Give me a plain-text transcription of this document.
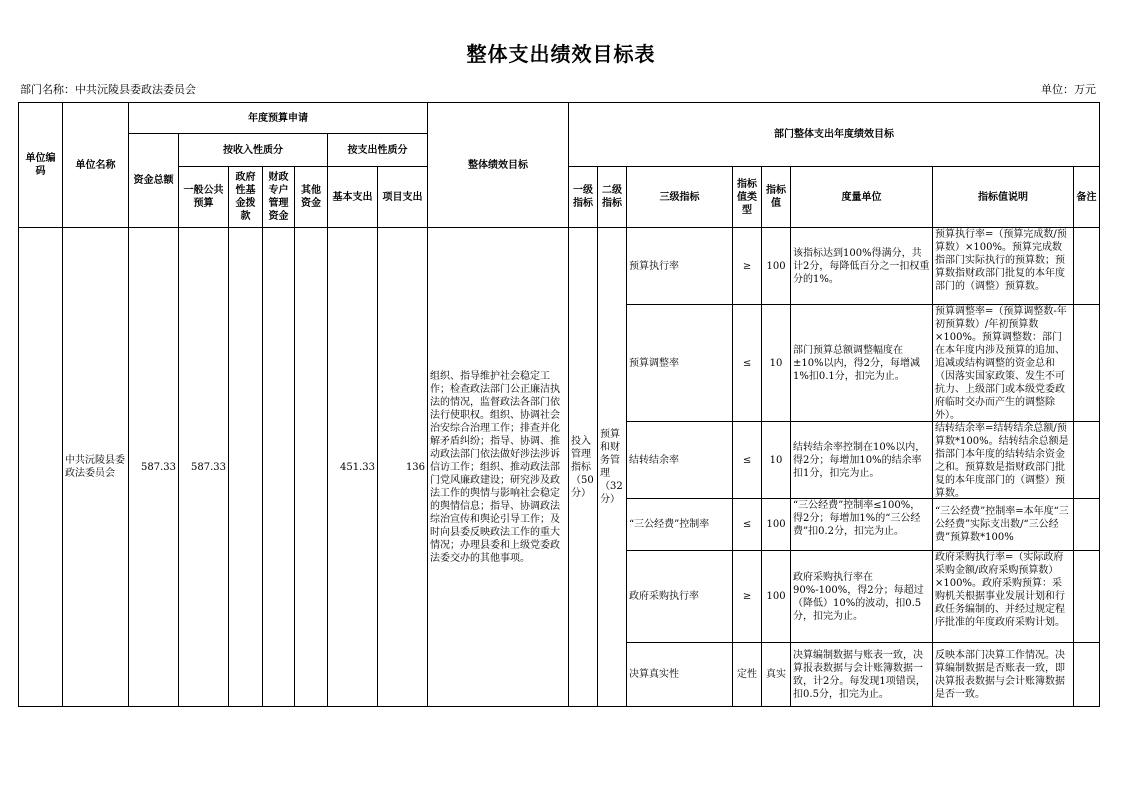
整体支出绩效目标表
部门名称：中共沅陵县委政法委员会	单位：万元
单位编码	单位名称	年度预算申请							整体绩效目标	部门整体支出年度绩效目标							
		资金总额	按收入性质分				按支出性质分										
			一般公共预算	政府性基金拨款	财政专户管理资金	其他资金	基本支出	项目支出		一级指标	二级指标	三级指标	指标值类型	指标值	度量单位	指标值说明	备注

	中共沅陵县委政法委员会	587.33	587.33				451.33	136	组织、指导维护社会稳定工作；检查政法部门公正廉洁执法的情况，监督政法各部门依法行使职权。组织、协调社会治安综合治理工作；排查并化解矛盾纠纷；指导、协调、推动政法部门依法做好涉法涉诉信访工作；组织、推动政法部门党风廉政建设；研究涉及政法工作的舆情与影响社会稳定的舆情信息；指导、协调政法综治宣传和舆论引导工作；及时向县委反映政法工作的重大情况；办理县委和上级党委政法委交办的其他事项。	投入管理指标（50分）	预算和财务管理（32分）	预算执行率	≥	100	该指标达到100%得满分，共计2分，每降低百分之一扣权重分的1%。	预算执行率=（预算完成数/预算数）×100%。预算完成数指部门实际执行的预算数；预算数指财政部门批复的本年度部门的（调整）预算数。	

												预算调整率	≤	10	部门预算总额调整幅度在±10%以内，得2分，每增减1%扣0.1分，扣完为止。	预算调整率=（预算调整数-年初预算数）/年初预算数×100%。预算调整数：部门在本年度内涉及预算的追加、追减或结构调整的资金总和（因落实国家政策、发生不可抗力、上级部门或本级党委政府临时交办而产生的调整除外）。	

												结转结余率	≤	10	结转结余率控制在10%以内，得2分；每增加10%的结余率扣1分，扣完为止。	结转结余率=结转结余总额/预算数*100%。结转结余总额是指部门本年度的结转结余资金之和。预算数是指财政部门批复的本年度部门的（调整）预算数。	

												“三公经费”控制率	≤	100	“三公经费”控制率≤100%，得2分；每增加1%的“三公经费”扣0.2分，扣完为止。	“三公经费”控制率=本年度“三公经费”实际支出数/“三公经费”预算数*100%	

												政府采购执行率	≥	100	政府采购执行率在90%-100%，得2分；每超过（降低）10%的波动，扣0.5分，扣完为止。	政府采购执行率=（实际政府采购金额/政府采购预算数）×100%。政府采购预算：采购机关根据事业发展计划和行政任务编制的、并经过规定程序批准的年度政府采购计划。	

												决算真实性	定性	真实	决算编制数据与账表一致，决算报表数据与会计账簿数据一致，计2分。每发现1项错误，扣0.5分，扣完为止。	反映本部门决算工作情况。决算编制数据是否账表一致，即决算报表数据与会计账簿数据是否一致。	
